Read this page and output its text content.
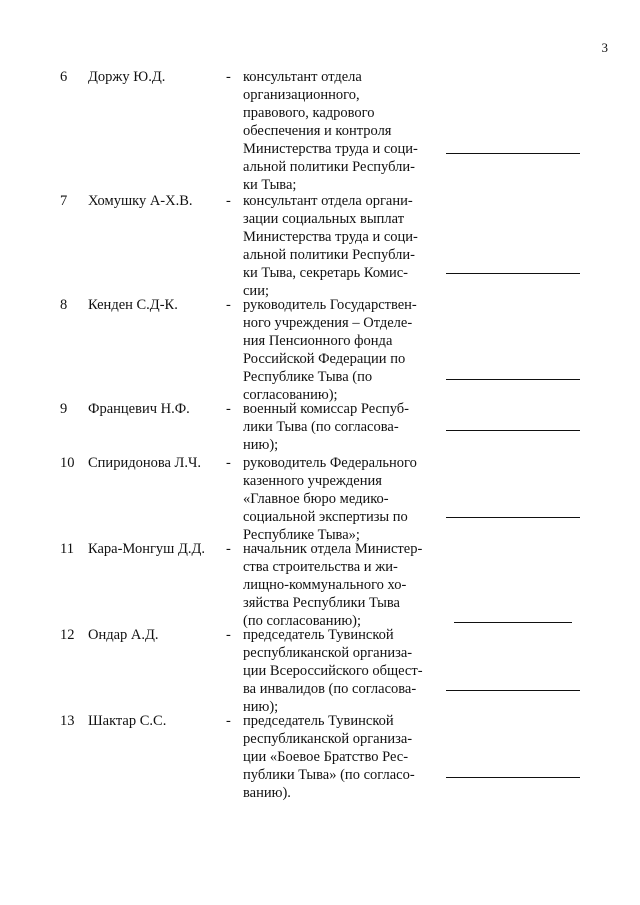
3
6 Доржу Ю.Д.	- консультант отдела
организационного,
правового, кадрового
обеспечения и контроля
Министерства труда и соци-
альной политики Республи-
ки Тыва;
7 Хомушку А-Х.В. - консультант отдела органи-
зации социальных выплат
Министерства труда и соци-
альной политики Республи-
ки Тыва, секретарь Комис-
сии;
8 Кенден С.Д-К.	- руководитель Государствен-
ного учреждения – Отделе-
ния Пенсионного фонда
Российской Федерации по
Республике Тыва (по
согласованию);
9 Францевич Н.Ф. - военный комиссар Респуб-
лики Тыва (по согласова-
нию);
10 Спиридонова Л.Ч. - руководитель Федерального
казенного учреждения
«Главное бюро медико-
социальной экспертизы по
Республике Тыва»;
11 Кара-Монгуш Д.Д. - начальник отдела Министер-
ства строительства и жи-
лищно-коммунального хо-
зяйства Республики Тыва
(по согласованию);
12 Ондар А.Д.	- председатель Тувинской
республиканской организа-
ции Всероссийского общест-
ва инвалидов (по согласова-
нию);
13 Шактар С.С.	- председатель Тувинской
республиканской организа-
ции «Боевое Братство Рес-
публики Тыва» (по согласо-
ванию).
